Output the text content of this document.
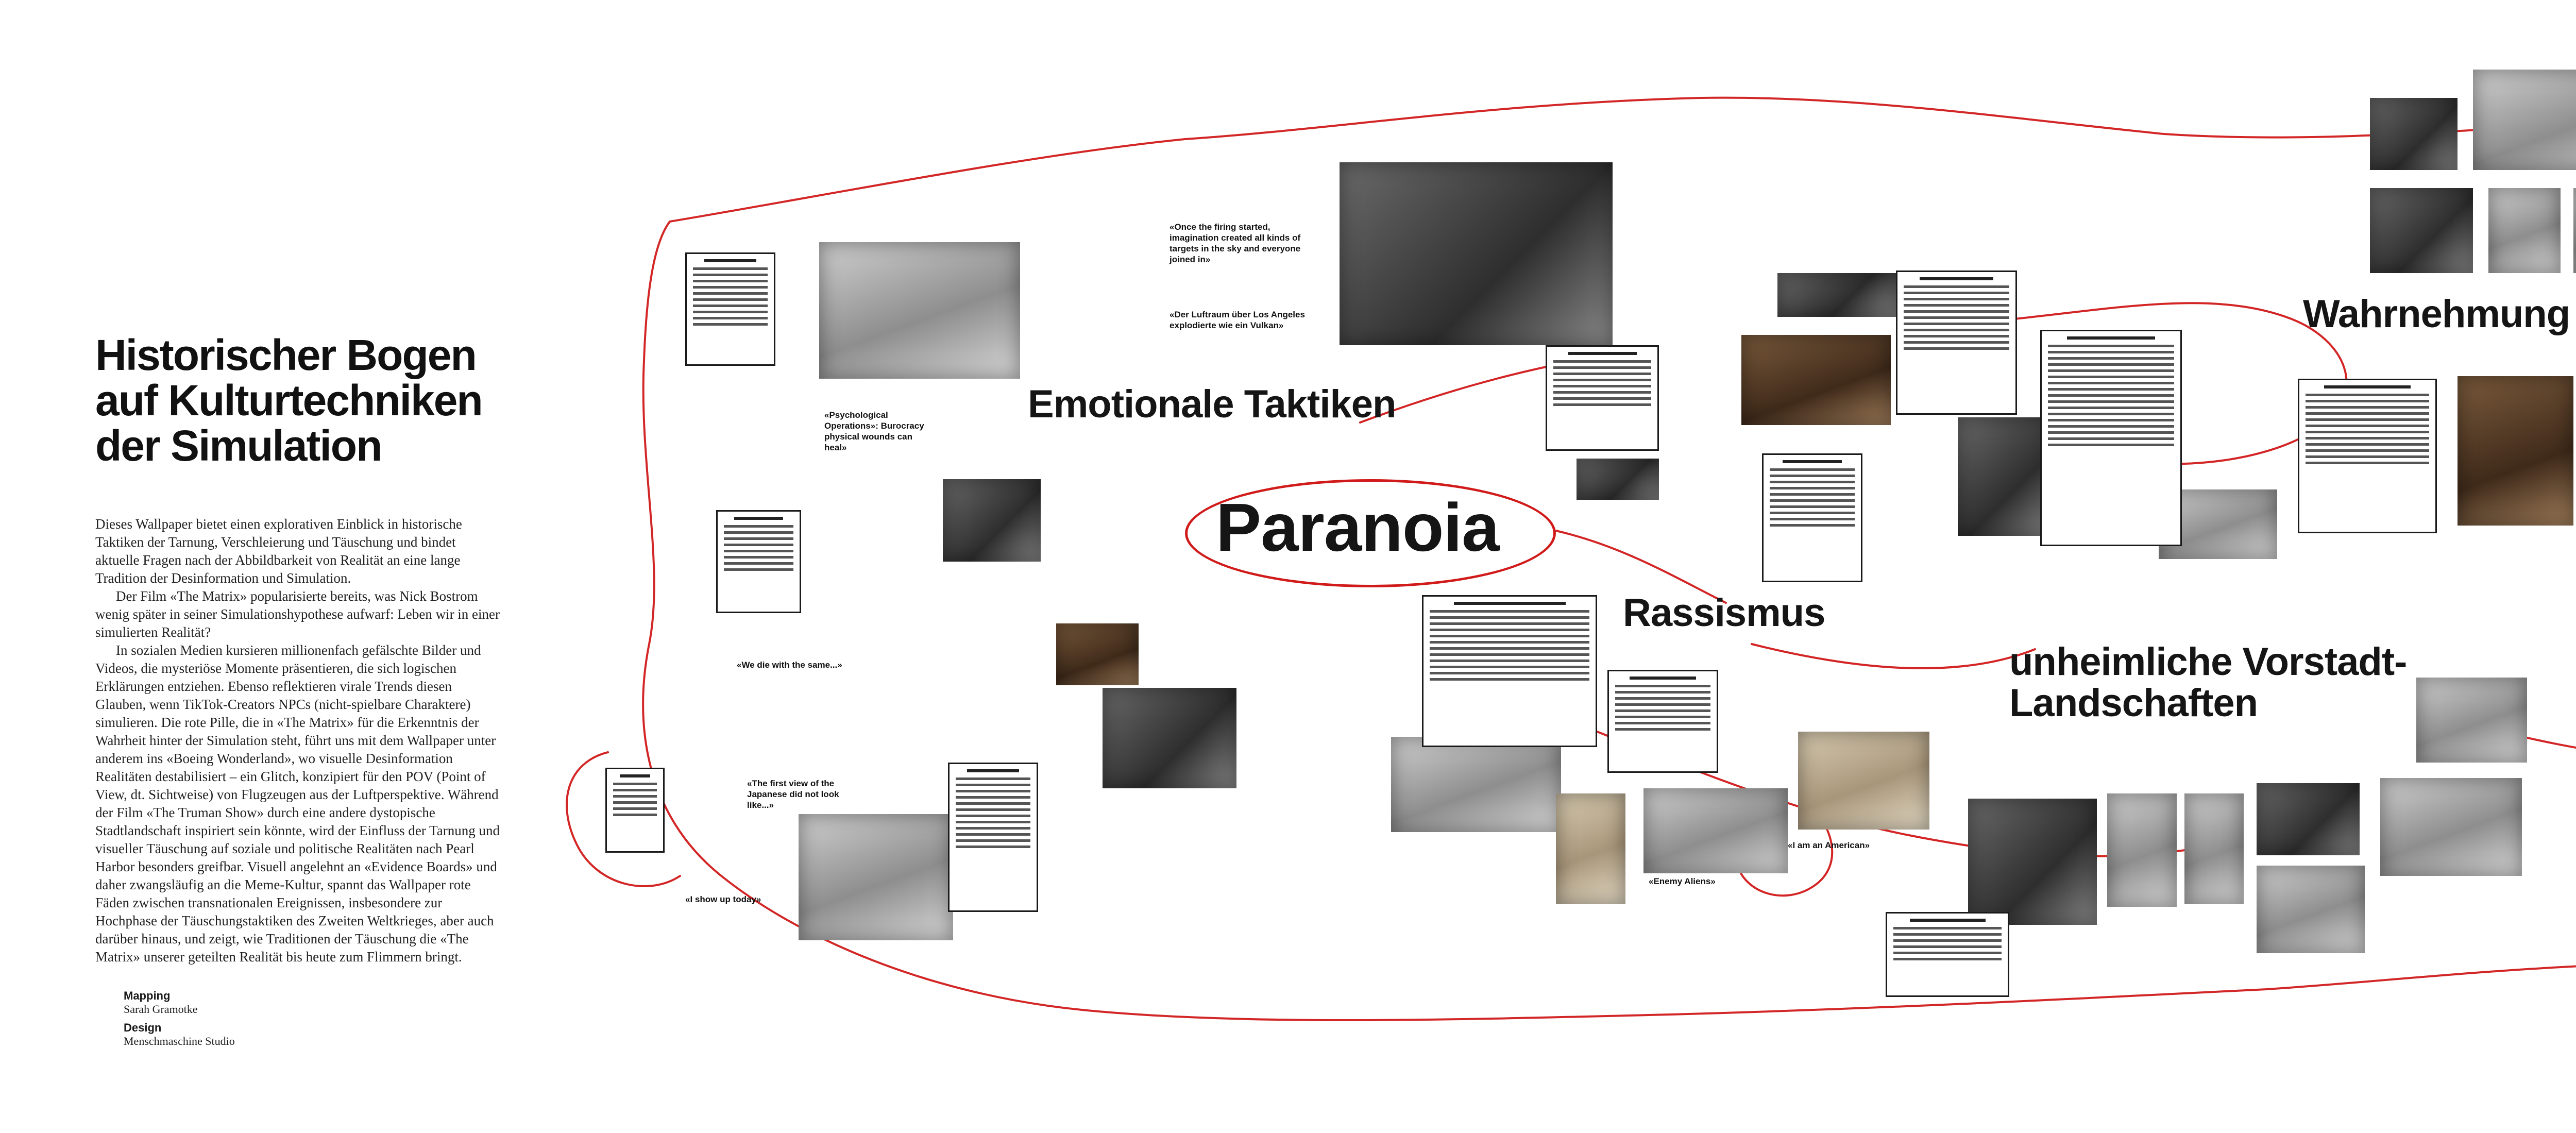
Historischer Bogen auf Kulturtechniken der Simulation

Dieses Wallpaper bietet einen explorativen Einblick in historische Taktiken der Tarnung, Verschleierung und Täuschung und bindet aktuelle Fragen nach der Abbildbarkeit von Realität an eine lange Tradition der Desinformation und Simulation.

Der Film «The Matrix» popularisierte bereits, was Nick Bostrom wenig später in seiner Simulationshypothese aufwarf: Leben wir in einer simulierten Realität?

In sozialen Medien kursieren millionenfach gefälschte Bilder und Videos, die mysteriöse Momente präsentieren, die sich logischen Erklärungen entziehen. Ebenso reflektieren virale Trends diesen Glauben, wenn TikTok-Creators NPCs (nicht-spielbare Charaktere) simulieren. Die rote Pille, die in «The Matrix» für die Erkenntnis der Wahrheit hinter der Simulation steht, führt uns mit dem Wallpaper unter anderem ins «Boeing Wonderland», wo visuelle Desinformation Realitäten destabilisiert – ein Glitch, konzipiert für den POV (Point of View, dt. Sichtweise) von Flugzeugen aus der Luftperspektive. Während der Film «The Truman Show» durch eine andere dystopische Stadtlandschaft inspiriert sein könnte, wird der Einfluss der Tarnung und visueller Täuschung auf soziale und politische Realitäten nach Pearl Harbor besonders greifbar. Visuell angelehnt an «Evidence Boards» und daher zwangsläufig an die Meme-Kultur, spannt das Wallpaper rote Fäden zwischen transnationalen Ereignissen, insbesondere zur Hochphase der Täuschungstaktiken des Zweiten Weltkrieges, aber auch darüber hinaus, und zeigt, wie Traditionen der Täuschung die «The Matrix» unserer geteilten Realität bis heute zum Flimmern bringt.

Mapping
Sarah Gramotke
Design
Menschmaschine Studio
Emotionale Taktiken
Paranoia
Rassismus
Wahrnehmung
unheimliche Vorstadt-Landschaften

«Psychological Operations»: Burocracy physical wounds can heal»

«Once the firing started, imagination created all kinds of targets in the sky and everyone joined in»

«Der Luftraum über Los Angeles explodierte wie ein Vulkan»

«Enemy Aliens»

«I am an American»

«The first view of the Japanese did not look like...»

«We die with the same...»

«I show up today»
